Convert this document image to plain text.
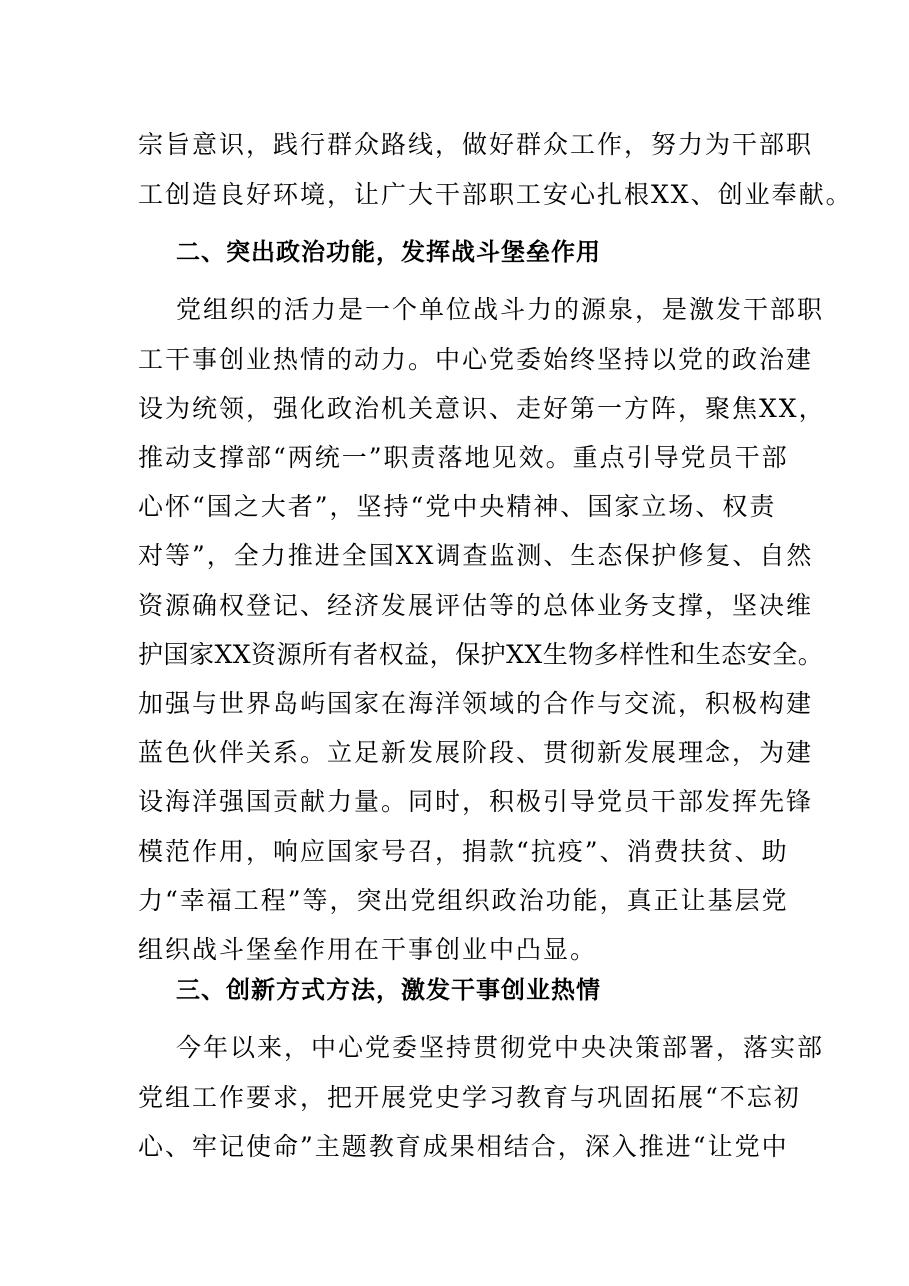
宗旨意识，践行群众路线，做好群众工作，努力为干部职
工创造良好环境，让广大干部职工安心扎根XX、创业奉献。
二、突出政治功能，发挥战斗堡垒作用
党组织的活力是一个单位战斗力的源泉，是激发干部职
工干事创业热情的动力。中心党委始终坚持以党的政治建
设为统领，强化政治机关意识、走好第一方阵，聚焦XX，
推动支撑部“两统一”职责落地见效。重点引导党员干部
心怀“国之大者”，坚持“党中央精神、国家立场、权责
对等”，全力推进全国XX调查监测、生态保护修复、自然
资源确权登记、经济发展评估等的总体业务支撑，坚决维
护国家XX资源所有者权益，保护XX生物多样性和生态安全。
加强与世界岛屿国家在海洋领域的合作与交流，积极构建
蓝色伙伴关系。立足新发展阶段、贯彻新发展理念，为建
设海洋强国贡献力量。同时，积极引导党员干部发挥先锋
模范作用，响应国家号召，捐款“抗疫”、消费扶贫、助
力“幸福工程”等，突出党组织政治功能，真正让基层党
组织战斗堡垒作用在干事创业中凸显。
三、创新方式方法，激发干事创业热情
今年以来，中心党委坚持贯彻党中央决策部署，落实部
党组工作要求，把开展党史学习教育与巩固拓展“不忘初
心、牢记使命”主题教育成果相结合，深入推进“让党中
